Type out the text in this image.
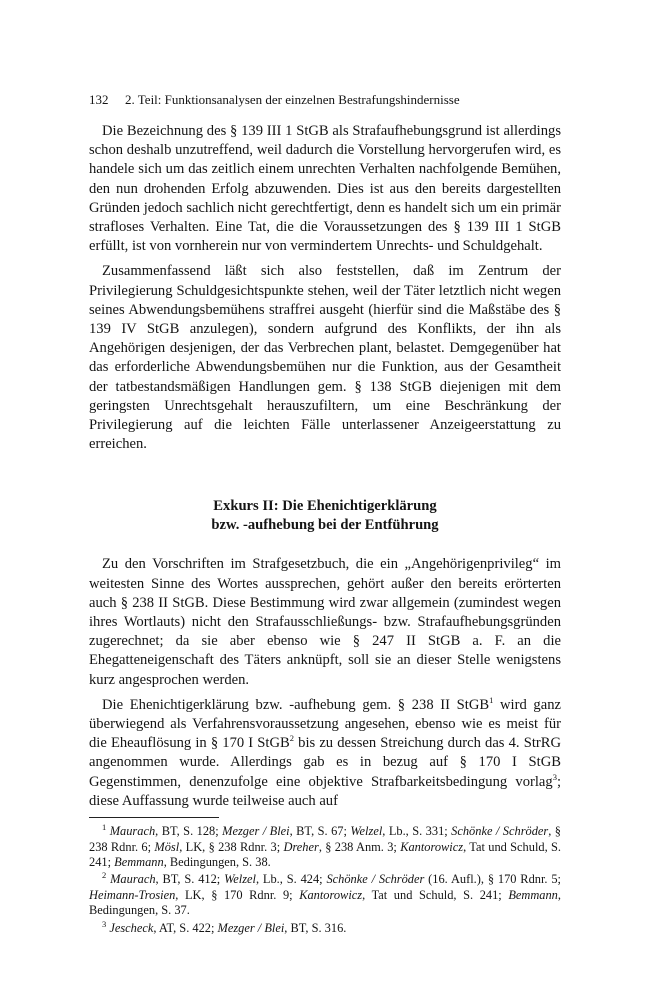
132 2. Teil: Funktionsanalysen der einzelnen Bestrafungshindernisse

Die Bezeichnung des § 139 III 1 StGB als Strafaufhebungsgrund ist allerdings schon deshalb unzutreffend, weil dadurch die Vorstellung hervorgerufen wird, es handele sich um das zeitlich einem unrechten Verhalten nachfolgende Bemühen, den nun drohenden Erfolg abzuwenden. Dies ist aus den bereits dargestellten Gründen jedoch sachlich nicht gerechtfertigt, denn es handelt sich um ein primär strafloses Verhalten. Eine Tat, die die Voraussetzungen des § 139 III 1 StGB erfüllt, ist von vornherein nur von vermindertem Unrechts- und Schuldgehalt.

Zusammenfassend läßt sich also feststellen, daß im Zentrum der Privilegierung Schuldgesichtspunkte stehen, weil der Täter letztlich nicht wegen seines Abwendungsbemühens straffrei ausgeht (hierfür sind die Maßstäbe des § 139 IV StGB anzulegen), sondern aufgrund des Konflikts, der ihn als Angehörigen desjenigen, der das Verbrechen plant, belastet. Demgegenüber hat das erforderliche Abwendungsbemühen nur die Funktion, aus der Gesamtheit der tatbestandsmäßigen Handlungen gem. § 138 StGB diejenigen mit dem geringsten Unrechtsgehalt herauszufiltern, um eine Beschränkung der Privilegierung auf die leichten Fälle unterlassener Anzeigeerstattung zu erreichen.

Exkurs II: Die Ehenichtigerklärung
bzw. -aufhebung bei der Entführung

Zu den Vorschriften im Strafgesetzbuch, die ein „Angehörigenprivileg“ im weitesten Sinne des Wortes aussprechen, gehört außer den bereits erörterten auch § 238 II StGB. Diese Bestimmung wird zwar allgemein (zumindest wegen ihres Wortlauts) nicht den Strafausschließungs- bzw. Strafaufhebungsgründen zugerechnet; da sie aber ebenso wie § 247 II StGB a. F. an die Ehegatteneigenschaft des Täters anknüpft, soll sie an dieser Stelle wenigstens kurz angesprochen werden.

Die Ehenichtigerklärung bzw. -aufhebung gem. § 238 II StGB$^1$ wird ganz überwiegend als Verfahrensvoraussetzung angesehen, ebenso wie es meist für die Eheauflösung in § 170 I StGB$^2$ bis zu dessen Streichung durch das 4. StrRG angenommen wurde. Allerdings gab es in bezug auf § 170 I StGB Gegenstimmen, denenzufolge eine objektive Strafbarkeitsbedingung vorlag$^3$; diese Auffassung wurde teilweise auch auf

$^1$ Maurach, BT, S. 128; Mezger / Blei, BT, S. 67; Welzel, Lb., S. 331; Schönke / Schröder, § 238 Rdnr. 6; Mösl, LK, § 238 Rdnr. 3; Dreher, § 238 Anm. 3; Kantorowicz, Tat und Schuld, S. 241; Bemmann, Bedingungen, S. 38.

$^2$ Maurach, BT, S. 412; Welzel, Lb., S. 424; Schönke / Schröder (16. Aufl.), § 170 Rdnr. 5; Heimann-Trosien, LK, § 170 Rdnr. 9; Kantorowicz, Tat und Schuld, S. 241; Bemmann, Bedingungen, S. 37.

$^3$ Jescheck, AT, S. 422; Mezger / Blei, BT, S. 316.
